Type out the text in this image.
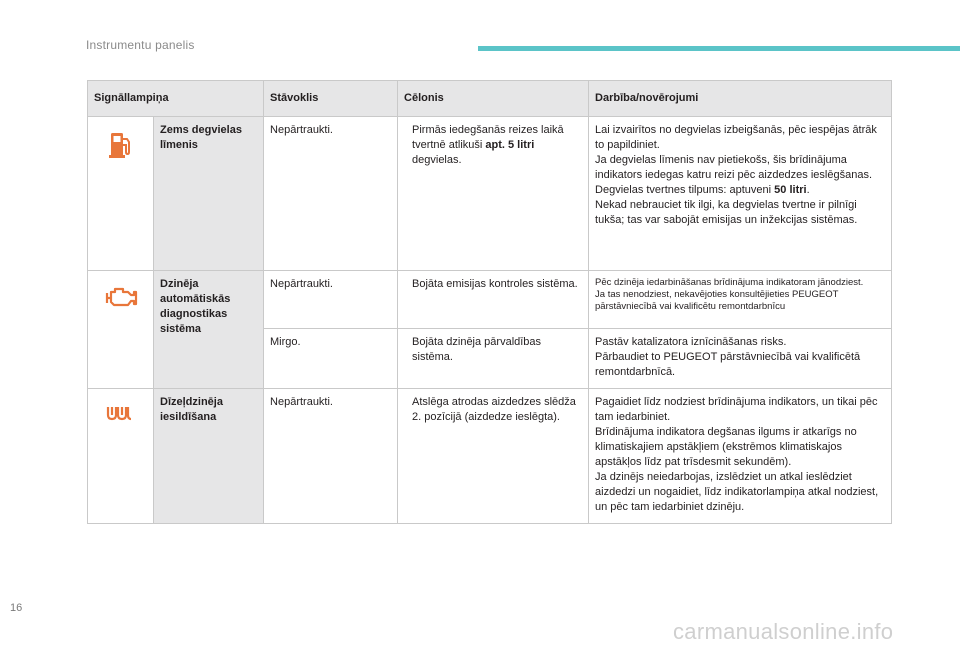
Instrumentu panelis
Signāllampiņa		Stāvoklis	Cēlonis	Darbība/novērojumi
	Zems degvielas līmenis	Nepārtraukti.	Pirmās iedegšanās reizes laikā tvertnē atlikuši apt. 5 litri degvielas.	Lai izvairītos no degvielas izbeigšanās, pēc iespējas ātrāk to papildiniet.
Ja degvielas līmenis nav pietiekošs, šis brīdinājuma indikators iedegas katru reizi pēc aizdedzes ieslēgšanas.
Degvielas tvertnes tilpums: aptuveni 50 litri.
Nekad nebrauciet tik ilgi, ka degvielas tvertne ir pilnīgi tukša; tas var sabojāt emisijas un inžekcijas sistēmas.
	Dzinēja automātiskās diagnostikas sistēma	Nepārtraukti.	Bojāta emisijas kontroles sistēma.	Pēc dzinēja iedarbināšanas brīdinājuma indikatoram jānodziest.
Ja tas nenodziest, nekavējoties konsultējieties PEUGEOT pārstāvniecībā vai kvalificētu remontdarbnīcu
		Mirgo.	Bojāta dzinēja pārvaldības sistēma.	Pastāv katalizatora iznīcināšanas risks.
Pārbaudiet to PEUGEOT pārstāvniecībā vai kvalificētā remontdarbnīcā.
	Dīzeļdzinēja iesildīšana	Nepārtraukti.	Atslēga atrodas aizdedzes slēdža 2. pozīcijā (aizdedze ieslēgta).	Pagaidiet līdz nodziest brīdinājuma indikators, un tikai pēc tam iedarbiniet.
Brīdinājuma indikatora degšanas ilgums ir atkarīgs no klimatiskajiem apstākļiem (ekstrēmos klimatiskajos apstākļos līdz pat trīsdesmit sekundēm).
Ja dzinējs neiedarbojas, izslēdziet un atkal ieslēdziet aizdedzi un nogaidiet, līdz indikatorlampiņa atkal nodziest, un pēc tam iedarbiniet dzinēju.
16
carmanualsonline.info
